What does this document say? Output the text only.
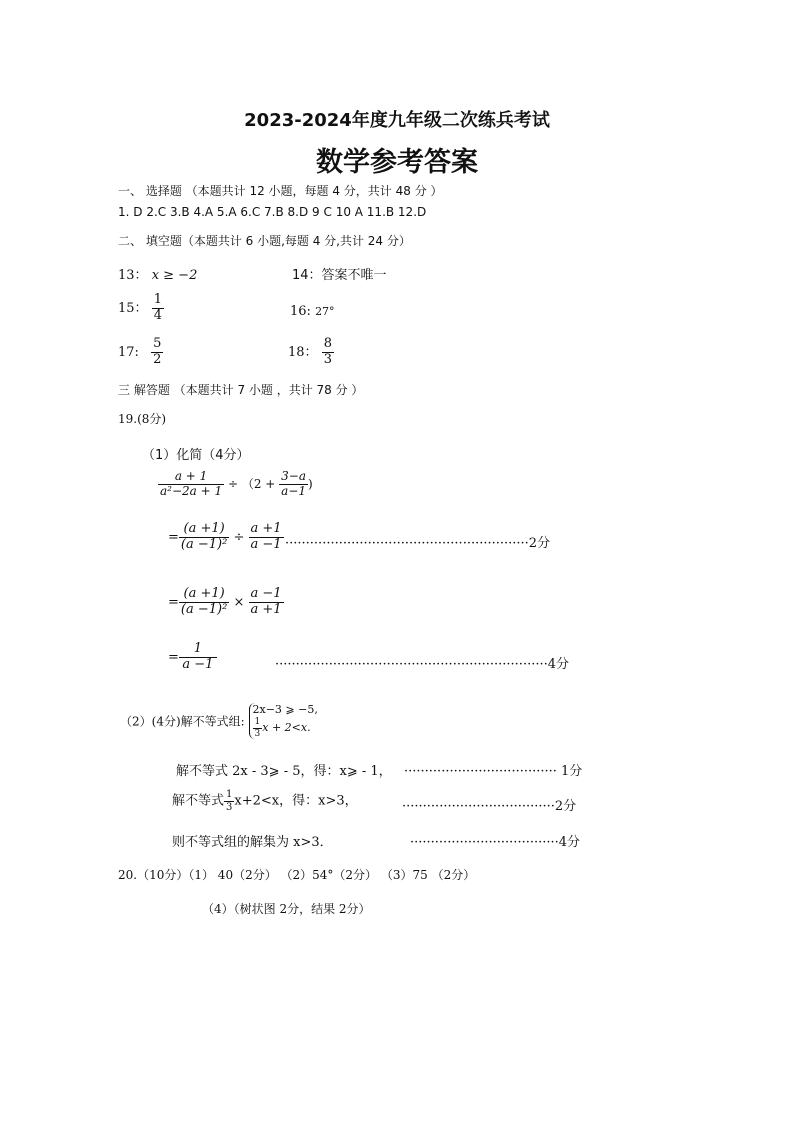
2023-2024年度九年级二次练兵考试
数学参考答案
一、 选择题 （本题共计 12 小题，每题 4 分，共计 48 分 ）
1. D 2.C 3.B 4.A 5.A 6.C 7.B 8.D 9 C 10 A 11.B 12.D
二、 填空题（本题共计 6 小题,每题 4 分,共计 24 分）
13： x ≥ −2	14：答案不唯一
15： $\frac{1}{4}$	16: 27°
17: $\frac{5}{2}$	18： $\frac{8}{3}$
三 解答题 （本题共计 7 小题 ，共计 78 分 ）
19.(8分)
（1）化简（4分）
$\frac{a + 1}{\text{a²−2a + 1}} \div (2 + \frac{3-a}{a-1}$ )
= $\frac{(a +1)}{\text{(a −1)²}} \div \frac{a +1}{a -1} \cdot\cdot\cdot\cdot\cdot\cdot\cdot\cdot\cdot\cdot\cdot\cdot\cdot\cdot\cdot\cdot\cdot\cdot\cdot\cdot\cdot\cdot\cdot\cdot\cdot\cdot\cdot\cdot\cdot\cdot\cdot\cdot\cdot\cdot\cdot\cdot\cdot\cdot\cdot\cdot\cdot\cdot\cdot\cdot\cdot\cdot\cdot\cdot\cdot\cdot\cdot\cdot\cdot\cdot\cdot\cdot\cdot\cdot\cdot 2$分
= $\frac{(a +1)}{\text{(a −1)²}} \times \frac{a -1}{a +1}$
= $\frac{1}{a -1}$	··································································4分
（2）(4分)解不等式组:
2x−3 ⩾ −5,
$\frac{1}{3}$ x + 2<x.
解不等式 2x - 3⩾ - 5，得：x⩾ - 1， ····································· 1分
解不等式 $\frac{1}{3} x+2<x$，得：x>3，	·····································2分
则不等式组的解集为 x>3．	····································4分
20.（10分）（1） 40（2分） （2）54°（2分） （3）75 （2分）
（4）（树状图 2分，结果 2分）
